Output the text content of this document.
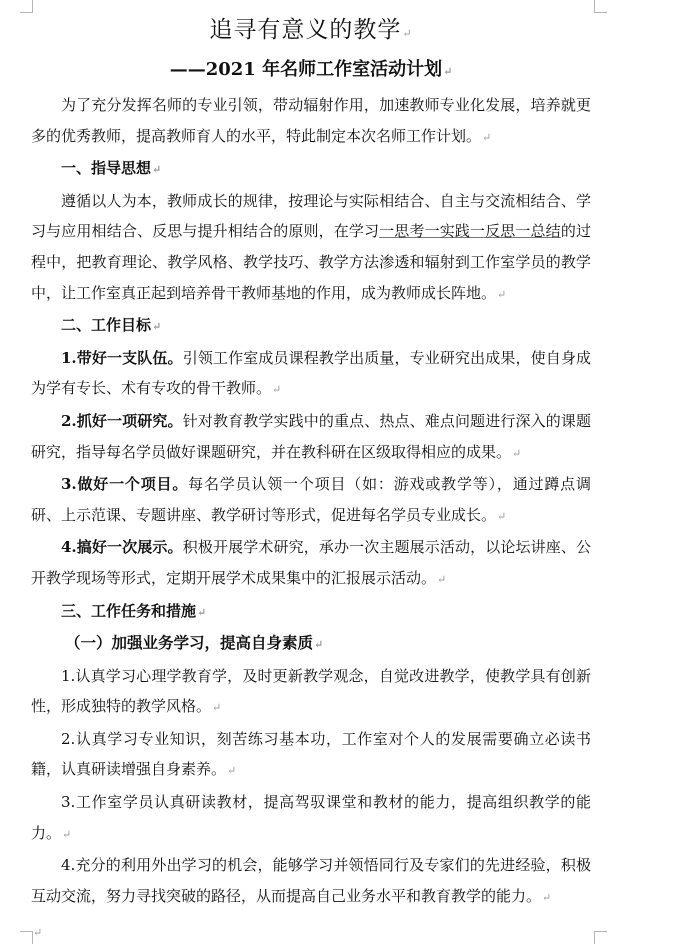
追寻有意义的教学↵

——2021 年名师工作室活动计划↵

为了充分发挥名师的专业引领，带动辐射作用，加速教师专业化发展，培养就更多的优秀教师，提高教师育人的水平，特此制定本次名师工作计划。↵

一、指导思想↵

遵循以人为本，教师成长的规律，按理论与实际相结合、自主与交流相结合、学习与应用相结合、反思与提升相结合的原则，在学习一思考一实践一反思一总结的过程中，把教育理论、教学风格、教学技巧、教学方法渗透和辐射到工作室学员的教学中，让工作室真正起到培养骨干教师基地的作用，成为教师成长阵地。↵

二、工作目标↵

1.带好一支队伍。引领工作室成员课程教学出质量，专业研究出成果，使自身成为学有专长、术有专攻的骨干教师。↵

2.抓好一项研究。针对教育教学实践中的重点、热点、难点问题进行深入的课题研究，指导每名学员做好课题研究，并在教科研在区级取得相应的成果。↵

3.做好一个项目。每名学员认领一个项目（如：游戏或教学等），通过蹲点调研、上示范课、专题讲座、教学研讨等形式，促进每名学员专业成长。↵

4.搞好一次展示。积极开展学术研究，承办一次主题展示活动，以论坛讲座、公开教学现场等形式，定期开展学术成果集中的汇报展示活动。↵

三、工作任务和措施↵

（一）加强业务学习，提高自身素质↵

1.认真学习心理学教育学，及时更新教学观念，自觉改进教学，使教学具有创新性，形成独特的教学风格。↵

2.认真学习专业知识，刻苦练习基本功，工作室对个人的发展需要确立必读书籍，认真研读增强自身素养。↵

3.工作室学员认真研读教材，提高驾驭课堂和教材的能力，提高组织教学的能力。↵

4.充分的利用外出学习的机会，能够学习并领悟同行及专家们的先进经验，积极互动交流，努力寻找突破的路径，从而提高自己业务水平和教育教学的能力。↵

↵
